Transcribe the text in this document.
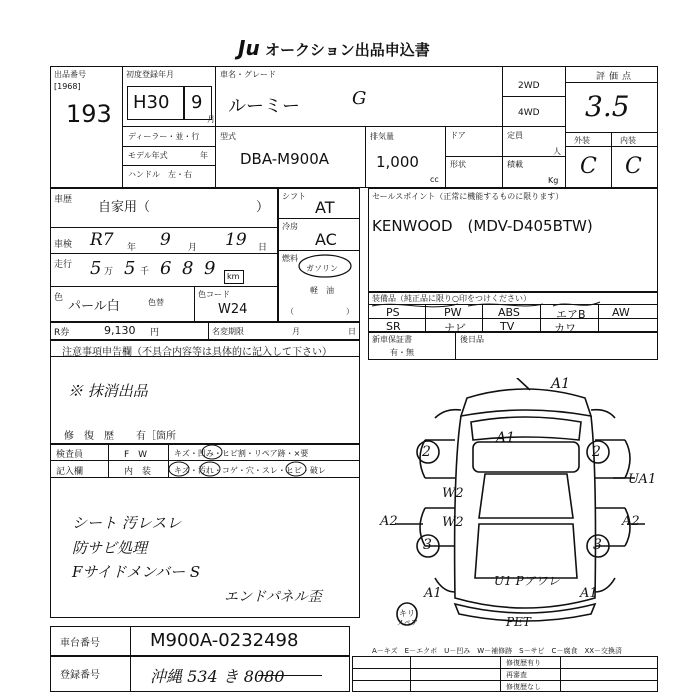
Ju オークション出品申込書
出品番号
[1968]
193
初度登録年月
H30 9
月
ディーラー・並・行
モデル年式	年
ハンドル　左・右
車名・グレード
ルーミー	G
2WD
4WD
型式
DBA-M900A
排気量
1,000
cc
ドア	定員
人
形状	積載
Kg
評価点
3.5
外装	内装
C C
車歴 自家用（	）
車検 R7 年 9 月 19 日
走行 5 万 5 千 6 8 9 km
色
パール白	色替
色コード
W24
R券	9,130 円	名変期限	月	日
シフト
AT
冷房
AC
燃料
ガソリン
軽　油
（	）
セールスポイント（正常に機能するものに限ります）
KENWOOD　(MDV-D405BTW)
装備品（純正品に限り○印をつけください）
PS	PW	ABS	エアB AW
SR	ナビ	TV	カワ
新車保証書
有・無
後日品
注意事項申告欄（不具合内容等は具体的に記入して下さい）
※ 抹消出品
修　復　歴 有［箇所
検査員
記入欄
F　W	キズ・凹み・ヒビ割・リペア跡・×要
内　装	キズ・汚れ・コゲ・穴・スレ・ヒビ・破レ
シート 汚レスレ
防サビ処理
Fサイドメンバー S
エンドパネル歪
A1
A1
2	2
UA1
W2
W2
A2	A2
3	3
U1 Pアワレ
A1	A1
キリ
スペア	PET
車台番号	M900A-0232498
登録番号	沖縄 534 き 8080
A－キズ　E－エクボ　U－凹み　W－補修跡　S－サビ　C－腐食　XX－交換済
修復歴有り
再審査
修復歴なし
